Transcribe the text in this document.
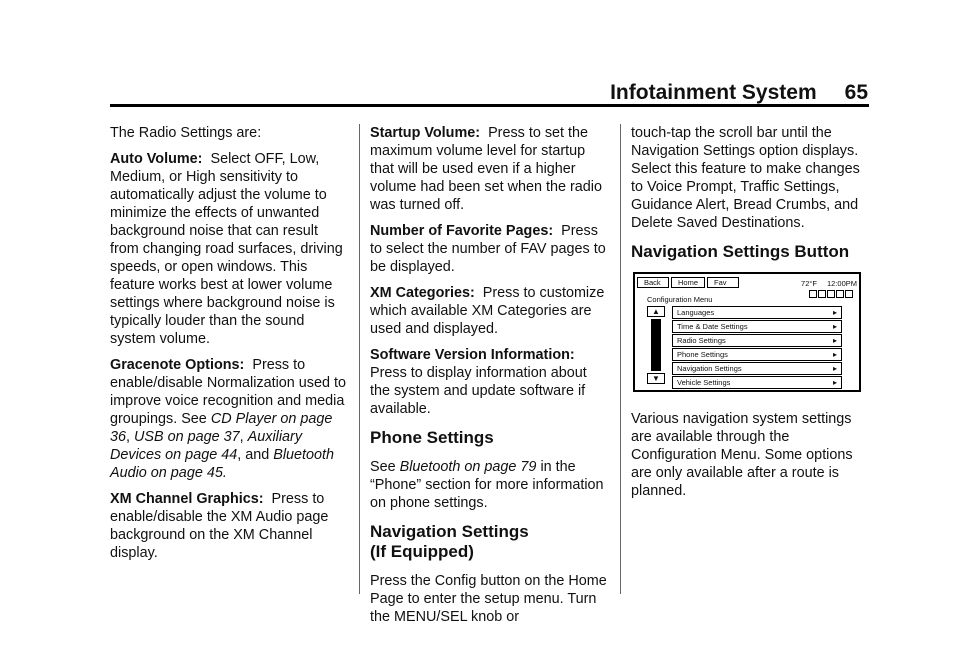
Infotainment System 65

The Radio Settings are:

Auto Volume: Select OFF, Low, Medium, or High sensitivity to automatically adjust the volume to minimize the effects of unwanted background noise that can result from changing road surfaces, driving speeds, or open windows. This feature works best at lower volume settings where background noise is typically louder than the sound system volume.

Gracenote Options: Press to enable/disable Normalization used to improve voice recognition and media groupings. See CD Player on page 36, USB on page 37, Auxiliary Devices on page 44, and Bluetooth Audio on page 45.

XM Channel Graphics: Press to enable/disable the XM Audio page background on the XM Channel display.

Startup Volume: Press to set the maximum volume level for startup that will be used even if a higher volume had been set when the radio was turned off.

Number of Favorite Pages: Press to select the number of FAV pages to be displayed.

XM Categories: Press to customize which available XM Categories are used and displayed.

Software Version Information:
Press to display information about the system and update software if available.

Phone Settings

See Bluetooth on page 79 in the “Phone” section for more information on phone settings.

Navigation Settings
(If Equipped)

Press the Config button on the Home Page to enter the setup menu. Turn the MENU/SEL knob or

touch-tap the scroll bar until the Navigation Settings option displays. Select this feature to make changes to Voice Prompt, Traffic Settings, Guidance Alert, Bread Crumbs, and Delete Saved Destinations.

Navigation Settings Button
Back	Home	Fav	72°F 12:00PM
Configuration Menu
▲
▼
Languages	▸
Time & Date Settings	▸
Radio Settings	▸
Phone Settings	▸
Navigation Settings	▸
Vehicle Settings	▸

Various navigation system settings are available through the Configuration Menu. Some options are only available after a route is planned.
